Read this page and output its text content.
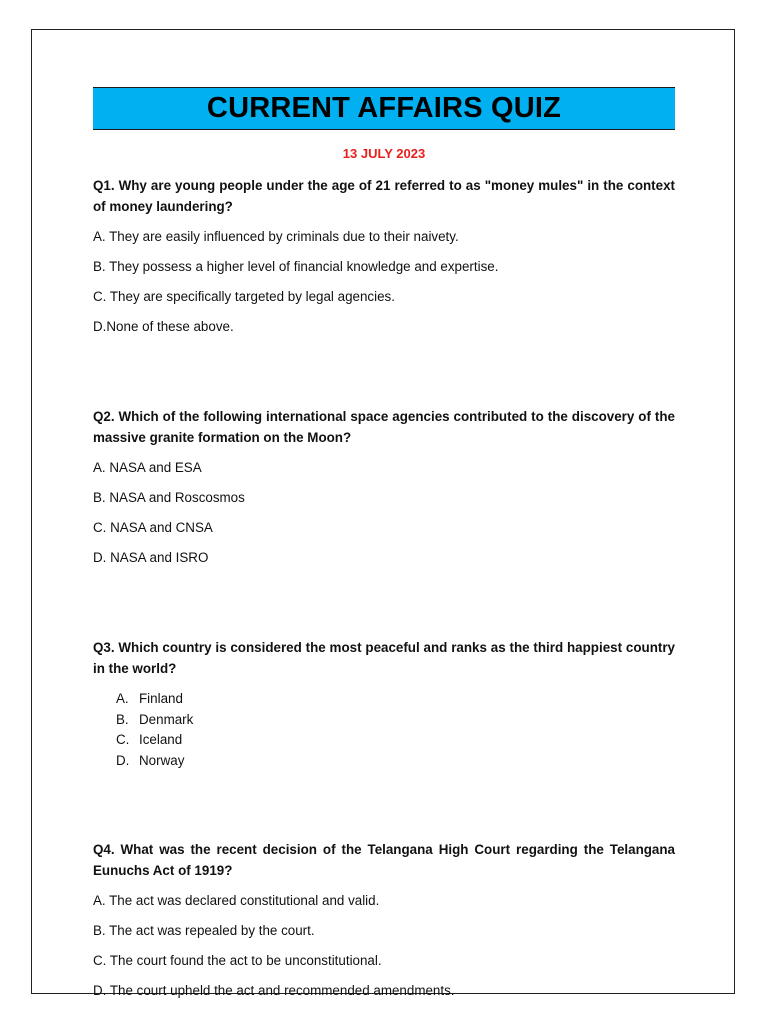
CURRENT AFFAIRS QUIZ
13 JULY 2023

Q1. Why are young people under the age of 21 referred to as "money mules" in the context of money laundering?

A. They are easily influenced by criminals due to their naivety.

B. They possess a higher level of financial knowledge and expertise.

C. They are specifically targeted by legal agencies.

D.None of these above.

Q2. Which of the following international space agencies contributed to the discovery of the massive granite formation on the Moon?

A. NASA and ESA

B. NASA and Roscosmos

C. NASA and CNSA

D. NASA and ISRO

Q3. Which country is considered the most peaceful and ranks as the third happiest country in the world?

A. Finland
B. Denmark
C. Iceland
D. Norway

Q4. What was the recent decision of the Telangana High Court regarding the Telangana Eunuchs Act of 1919?

A. The act was declared constitutional and valid.

B. The act was repealed by the court.

C. The court found the act to be unconstitutional.

D. The court upheld the act and recommended amendments.
